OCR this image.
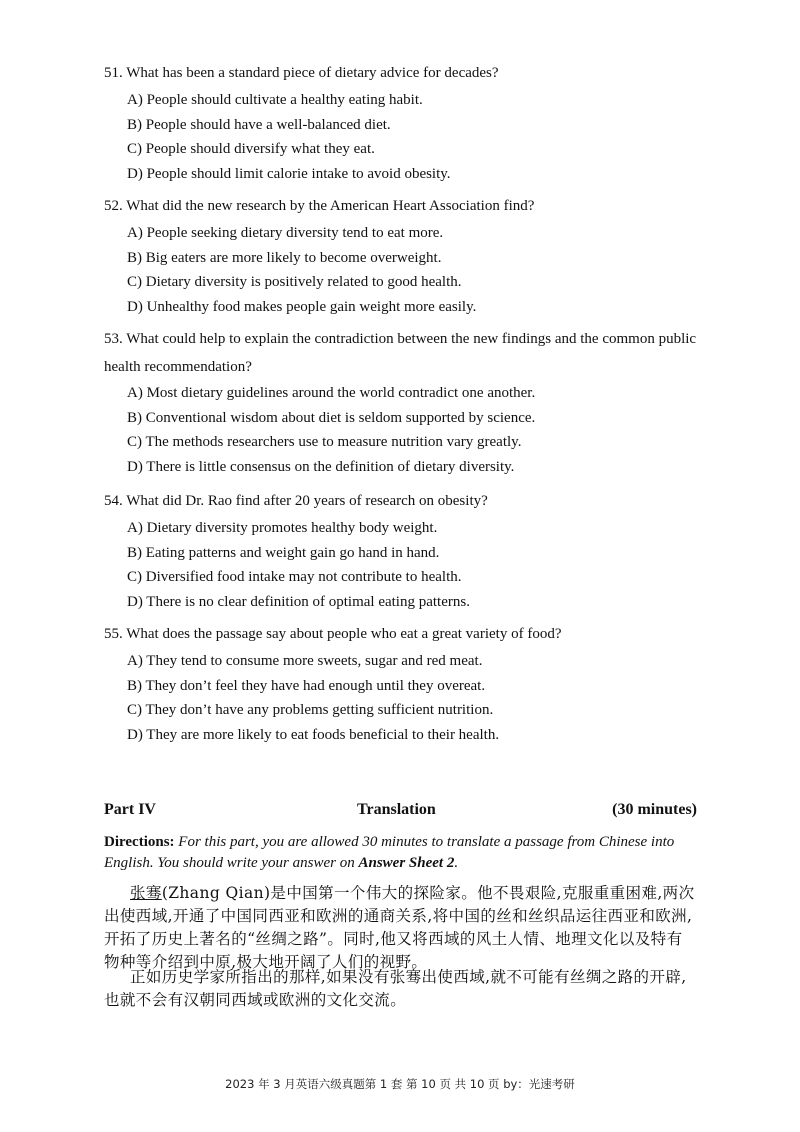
51. What has been a standard piece of dietary advice for decades?
A) People should cultivate a healthy eating habit.
B) People should have a well-balanced diet.
C) People should diversify what they eat.
D) People should limit calorie intake to avoid obesity.
52. What did the new research by the American Heart Association find?
A) People seeking dietary diversity tend to eat more.
B) Big eaters are more likely to become overweight.
C) Dietary diversity is positively related to good health.
D) Unhealthy food makes people gain weight more easily.
53. What could help to explain the contradiction between the new findings and the common public health recommendation?
A) Most dietary guidelines around the world contradict one another.
B) Conventional wisdom about diet is seldom supported by science.
C) The methods researchers use to measure nutrition vary greatly.
D) There is little consensus on the definition of dietary diversity.
54. What did Dr. Rao find after 20 years of research on obesity?
A) Dietary diversity promotes healthy body weight.
B) Eating patterns and weight gain go hand in hand.
C) Diversified food intake may not contribute to health.
D) There is no clear definition of optimal eating patterns.
55. What does the passage say about people who eat a great variety of food?
A) They tend to consume more sweets, sugar and red meat.
B) They don’t feel they have had enough until they overeat.
C) They don’t have any problems getting sufficient nutrition.
D) They are more likely to eat foods beneficial to their health.
Part IV	Translation	(30 minutes)
Directions: For this part, you are allowed 30 minutes to translate a passage from Chinese into English. You should write your answer on Answer Sheet 2.
张骞(Zhang Qian)是中国第一个伟大的探险家。他不畏艰险,克服重重困难,两次出使西域,开通了中国同西亚和欧洲的通商关系,将中国的丝和丝织品运往西亚和欧洲,开拓了历史上著名的“丝绸之路”。同时,他又将西域的风土人情、地理文化以及特有物种等介绍到中原,极大地开阔了人们的视野。
正如历史学家所指出的那样,如果没有张骞出使西域,就不可能有丝绸之路的开辟,也就不会有汉朝同西域或欧洲的文化交流。
2023 年 3 月英语六级真题第 1 套 第 10 页 共 10 页 by：光速考研
